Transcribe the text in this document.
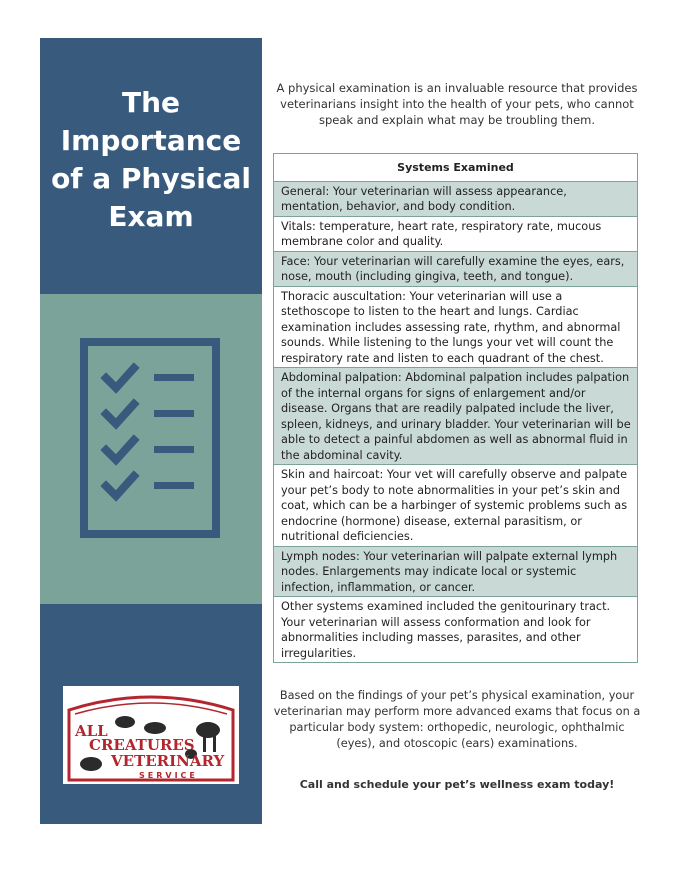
The
Importance
of a Physical
Exam
ALL
CREATURES
VETERINARY
SERVICE
A physical examination is an invaluable resource that provides veterinarians insight into the health of your pets, who cannot speak and explain what may be troubling them.
Systems Examined
General: Your veterinarian will assess appearance, mentation, behavior, and body condition.
Vitals: temperature, heart rate, respiratory rate, mucous membrane color and quality.
Face: Your veterinarian will carefully examine the eyes, ears, nose, mouth (including gingiva, teeth, and tongue).
Thoracic auscultation: Your veterinarian will use a stethoscope to listen to the heart and lungs. Cardiac examination includes assessing rate, rhythm, and abnormal sounds. While listening to the lungs your vet will count the respiratory rate and listen to each quadrant of the chest.
Abdominal palpation: Abdominal palpation includes palpation of the internal organs for signs of enlargement and/or disease. Organs that are readily palpated include the liver, spleen, kidneys, and urinary bladder. Your veterinarian will be able to detect a painful abdomen as well as abnormal fluid in the abdominal cavity.
Skin and haircoat: Your vet will carefully observe and palpate your pet’s body to note abnormalities in your pet’s skin and coat, which can be a harbinger of systemic problems such as endocrine (hormone) disease, external parasitism, or nutritional deficiencies.
Lymph nodes: Your veterinarian will palpate external lymph nodes. Enlargements may indicate local or systemic infection, inflammation, or cancer.
Other systems examined included the genitourinary tract. Your veterinarian will assess conformation and look for abnormalities including masses, parasites, and other irregularities.
Based on the findings of your pet’s physical examination, your veterinarian may perform more advanced exams that focus on a particular body system: orthopedic, neurologic, ophthalmic (eyes), and otoscopic (ears) examinations.
Call and schedule your pet’s wellness exam today!
